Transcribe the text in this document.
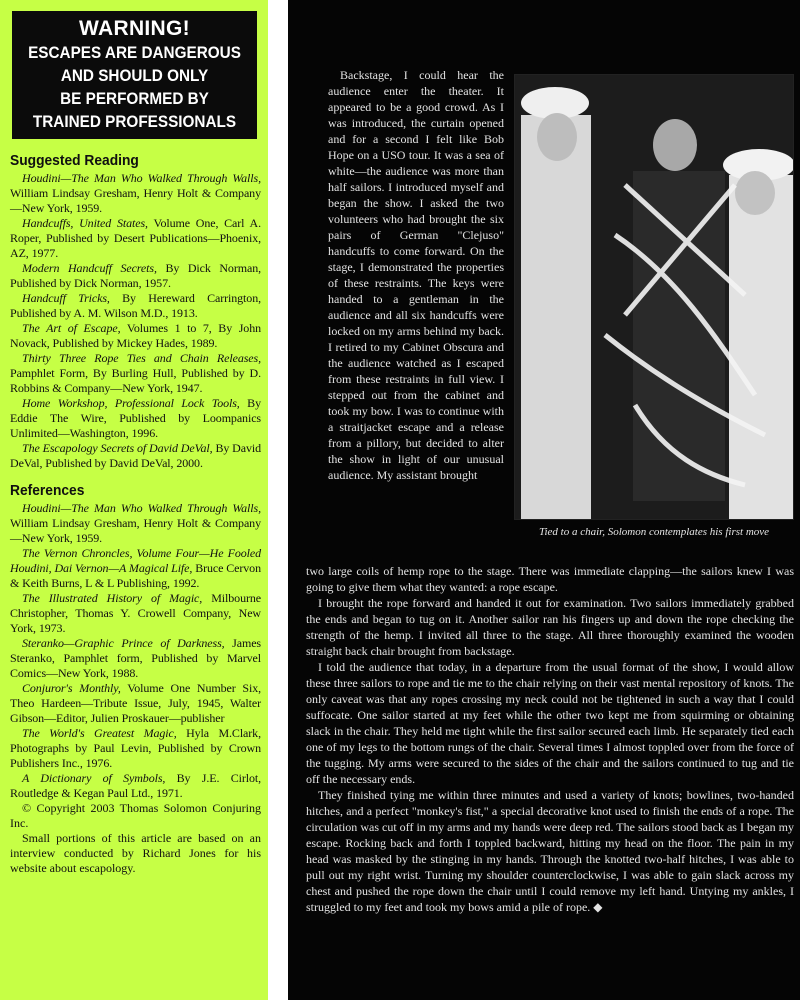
WARNING!
ESCAPES ARE DANGEROUS
AND SHOULD ONLY
BE PERFORMED BY
TRAINED PROFESSIONALS
Suggested Reading
Houdini—The Man Who Walked Through Walls, William Lindsay Gresham, Henry Holt & Company—New York, 1959.
Handcuffs, United States, Volume One, Carl A. Roper, Published by Desert Publications—Phoenix, AZ, 1977.
Modern Handcuff Secrets, By Dick Norman, Published by Dick Norman, 1957.
Handcuff Tricks, By Hereward Carrington, Published by A. M. Wilson M.D., 1913.
The Art of Escape, Volumes 1 to 7, By John Novack, Published by Mickey Hades, 1989.
Thirty Three Rope Ties and Chain Releases, Pamphlet Form, By Burling Hull, Published by D. Robbins & Company—New York, 1947.
Home Workshop, Professional Lock Tools, By Eddie The Wire, Published by Loompanics Unlimited—Washington, 1996.
The Escapology Secrets of David DeVal, By David DeVal, Published by David DeVal, 2000.
References
Houdini—The Man Who Walked Through Walls, William Lindsay Gresham, Henry Holt & Company—New York, 1959.
The Vernon Chroncles, Volume Four—He Fooled Houdini, Dai Vernon—A Magical Life, Bruce Cervon & Keith Burns, L & L Publishing, 1992.
The Illustrated History of Magic, Milbourne Christopher, Thomas Y. Crowell Company, New York, 1973.
Steranko—Graphic Prince of Darkness, James Steranko, Pamphlet form, Published by Marvel Comics—New York, 1988.
Conjuror's Monthly, Volume One Number Six, Theo Hardeen—Tribute Issue, July, 1945, Walter Gibson—Editor, Julien Proskauer—publisher
The World's Greatest Magic, Hyla M.Clark, Photographs by Paul Levin, Published by Crown Publishers Inc., 1976.
A Dictionary of Symbols, By J.E. Cirlot, Routledge & Kegan Paul Ltd., 1971.

© Copyright 2003 Thomas Solomon Conjuring Inc.

Small portions of this article are based on an interview conducted by Richard Jones for his website about escapology.

Tied to a chair, Solomon contemplates his first move

Backstage, I could hear the audience enter the theater. It appeared to be a good crowd. As I was introduced, the curtain opened and for a second I felt like Bob Hope on a USO tour. It was a sea of white—the audience was more than half sailors. I introduced myself and began the show. I asked the two volunteers who had brought the six pairs of German "Clejuso" handcuffs to come forward. On the stage, I demonstrated the properties of these restraints. The keys were handed to a gentleman in the audience and all six handcuffs were locked on my arms behind my back. I retired to my Cabinet Obscura and the audience watched as I escaped from these restraints in full view. I stepped out from the cabinet and took my bow. I was to continue with a straitjacket escape and a release from a pillory, but decided to alter the show in light of our unusual audience. My assistant brought

two large coils of hemp rope to the stage. There was immediate clapping—the sailors knew I was going to give them what they wanted: a rope escape.

I brought the rope forward and handed it out for examination. Two sailors immediately grabbed the ends and began to tug on it. Another sailor ran his fingers up and down the rope checking the strength of the hemp. I invited all three to the stage. All three thoroughly examined the wooden straight back chair brought from backstage.

I told the audience that today, in a departure from the usual format of the show, I would allow these three sailors to rope and tie me to the chair relying on their vast mental repository of knots. The only caveat was that any ropes crossing my neck could not be tightened in such a way that I could suffocate. One sailor started at my feet while the other two kept me from squirming or obtaining slack in the chair. They held me tight while the first sailor secured each limb. He separately tied each one of my legs to the bottom rungs of the chair. Several times I almost toppled over from the force of the tugging. My arms were secured to the sides of the chair and the sailors continued to tug and tie off the necessary ends.

They finished tying me within three minutes and used a variety of knots; bowlines, two-handed hitches, and a perfect "monkey's fist," a special decorative knot used to finish the ends of a rope. The circulation was cut off in my arms and my hands were deep red. The sailors stood back as I began my escape. Rocking back and forth I toppled backward, hitting my head on the floor. The pain in my head was masked by the stinging in my hands. Through the knotted two-half hitches, I was able to pull out my right wrist. Turning my shoulder counterclockwise, I was able to gain slack across my chest and pushed the rope down the chair until I could remove my left hand. Untying my ankles, I struggled to my feet and took my bows amid a pile of rope. ◆
